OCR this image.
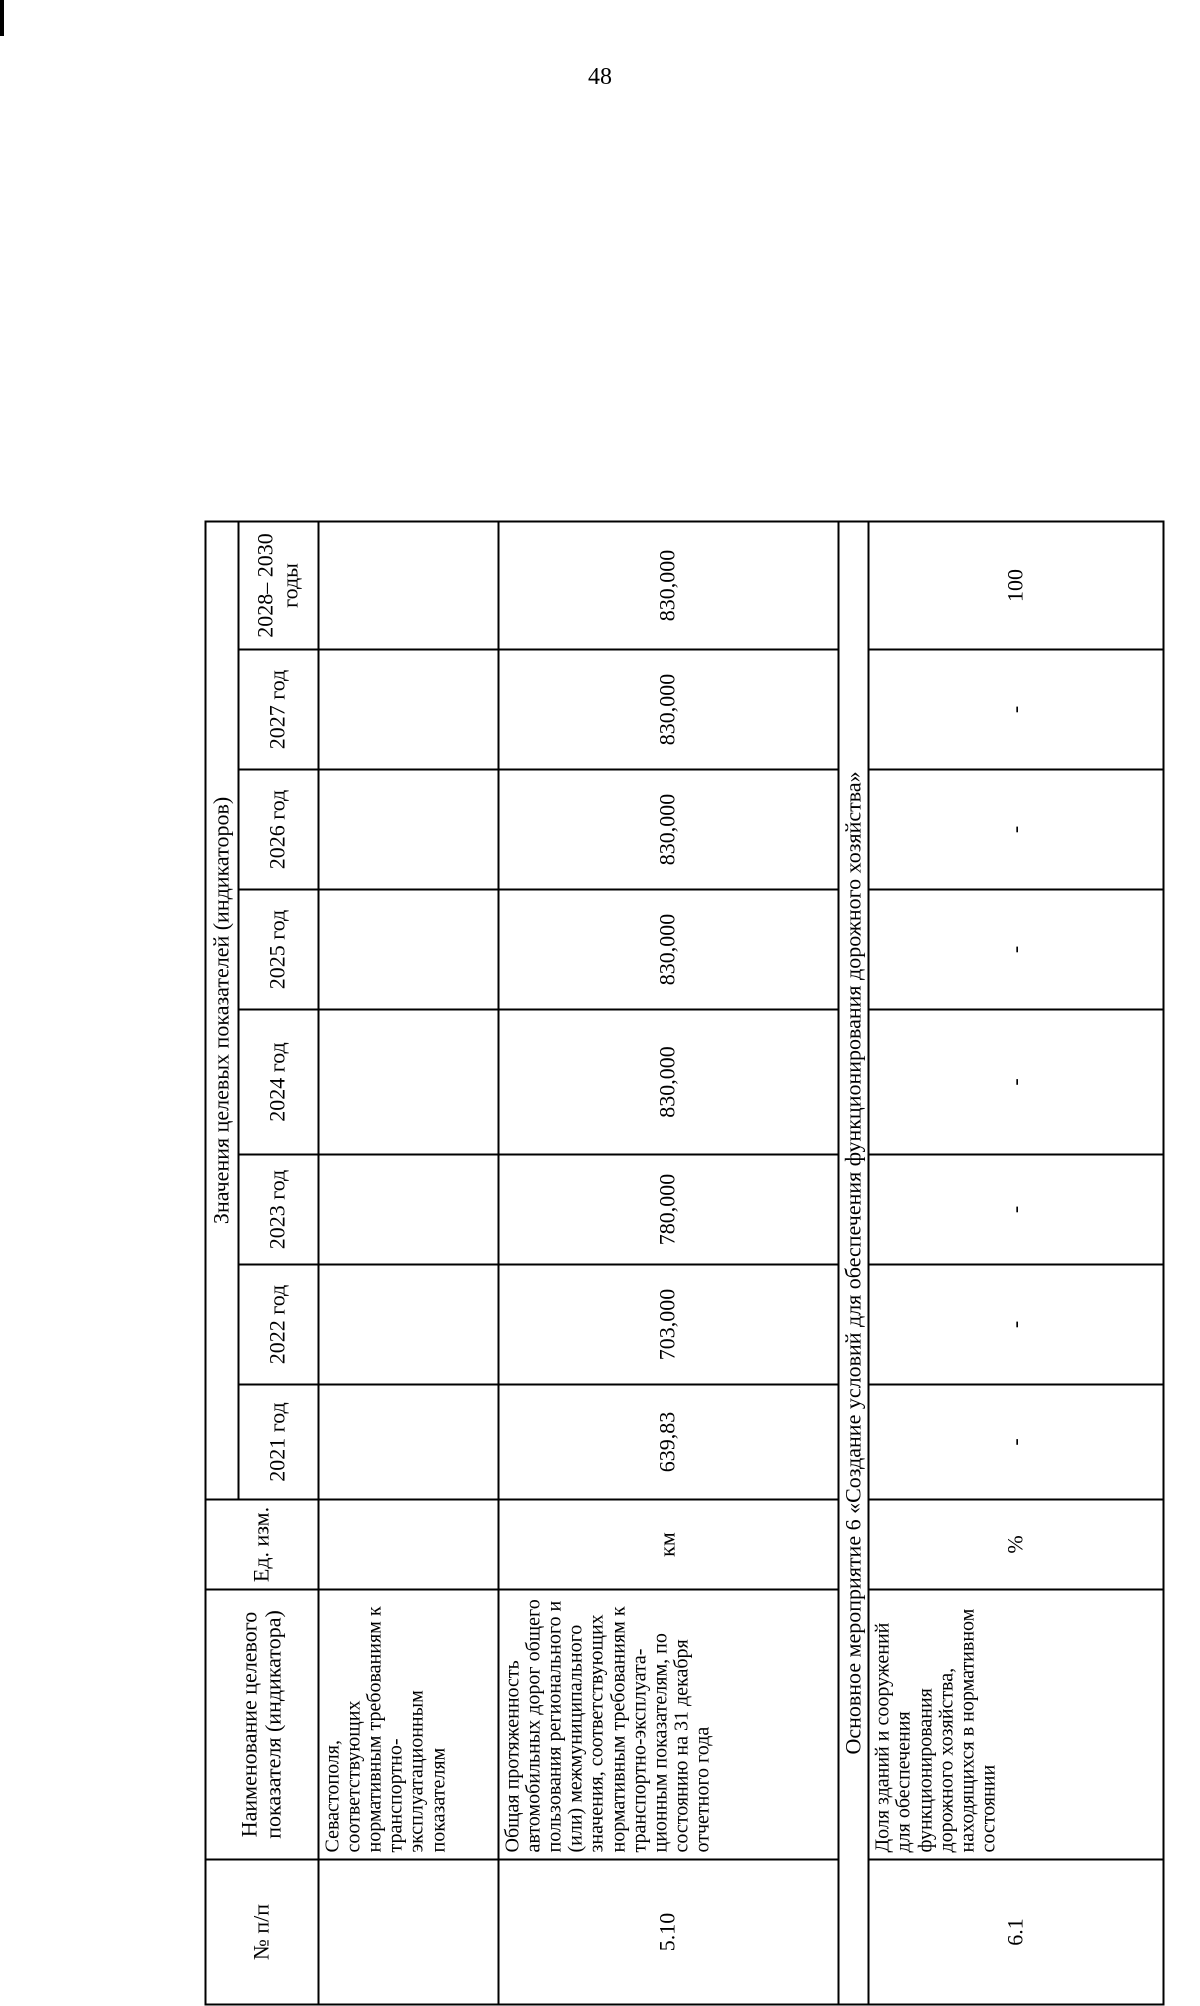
48
№ п/п	Наименование целевого показателя (индикатора)	Ед. изм.	Значения целевых показателей (индикаторов)							
			2021 год	2022 год	2023 год	2024 год	2025 год	2026 год	2027 год	2028– 2030 годы
	Севастополя, соответствующих нормативным требованиям к транспортно-эксплуатационным показателям									
5.10	Общая протяженность автомобильных дорог общего пользования регионального и (или) межмуниципального значения, соответствующих нормативным требованиям к транспортно-эксплуата-ционным показателям, по состоянию на 31 декабря отчетного года	км	639,83	703,000	780,000	830,000	830,000	830,000	830,000	830,000
Основное мероприятие 6 «Создание условий для обеспечения функционирования дорожного хозяйства»										
6.1	Доля зданий и сооружений для обеспечения функционирования дорожного хозяйства, находящихся в нормативном состоянии	%	-	-	-	-	-	-	-	100
